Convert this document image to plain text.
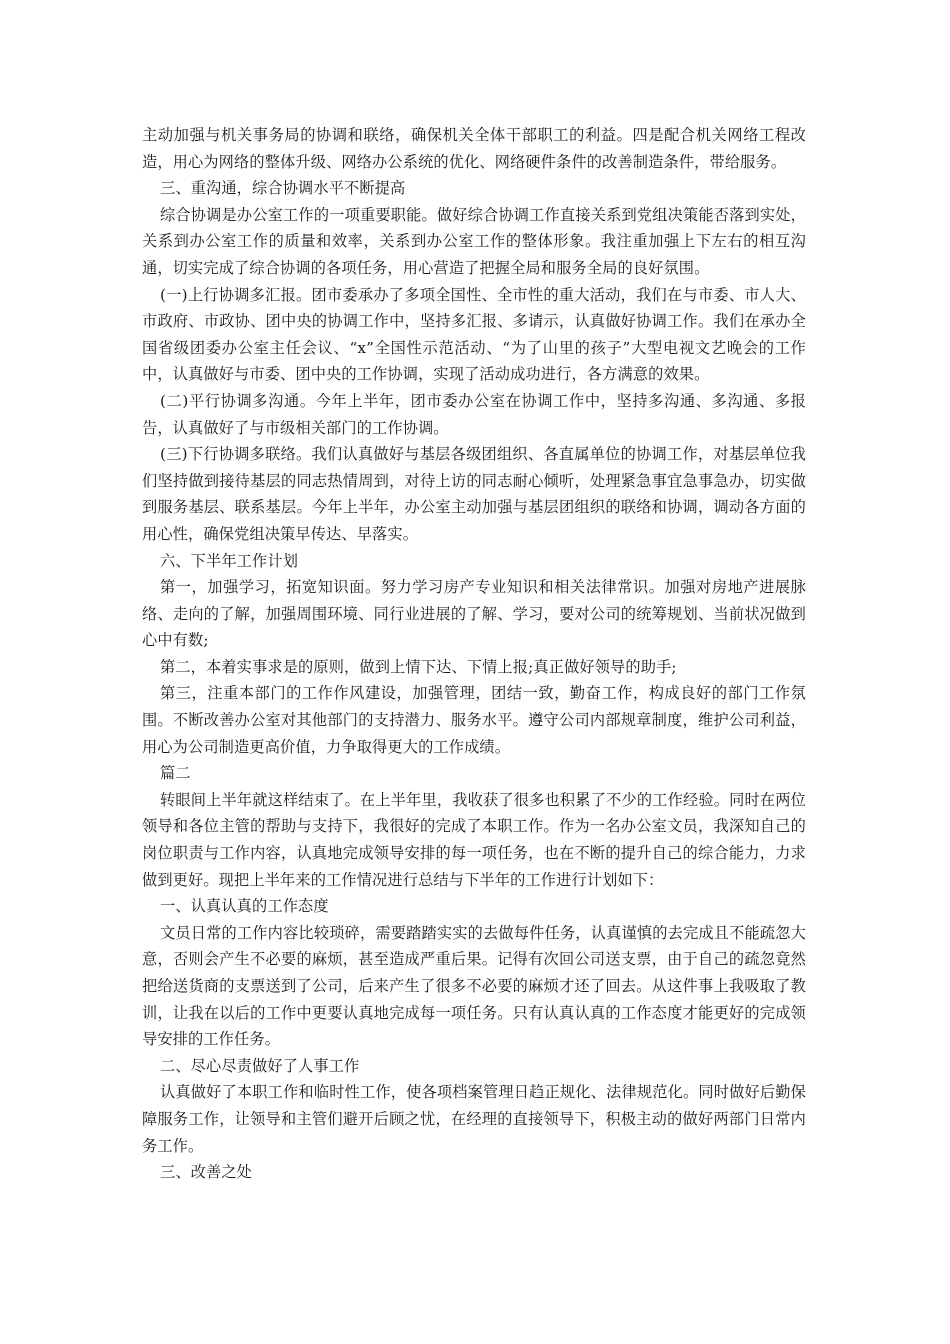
主动加强与机关事务局的协调和联络，确保机关全体干部职工的利益。四是配合机关网络工程改造，用心为网络的整体升级、网络办公系统的优化、网络硬件条件的改善制造条件，带给服务。

三、重沟通，综合协调水平不断提高

综合协调是办公室工作的一项重要职能。做好综合协调工作直接关系到党组决策能否落到实处，关系到办公室工作的质量和效率，关系到办公室工作的整体形象。我注重加强上下左右的相互沟通，切实完成了综合协调的各项任务，用心营造了把握全局和服务全局的良好氛围。

(一)上行协调多汇报。团市委承办了多项全国性、全市性的重大活动，我们在与市委、市人大、市政府、市政协、团中央的协调工作中，坚持多汇报、多请示，认真做好协调工作。我们在承办全国省级团委办公室主任会议、“x”全国性示范活动、“为了山里的孩子”大型电视文艺晚会的工作中，认真做好与市委、团中央的工作协调，实现了活动成功进行，各方满意的效果。

(二)平行协调多沟通。今年上半年，团市委办公室在协调工作中，坚持多沟通、多沟通、多报告，认真做好了与市级相关部门的工作协调。

(三)下行协调多联络。我们认真做好与基层各级团组织、各直属单位的协调工作，对基层单位我们坚持做到接待基层的同志热情周到，对待上访的同志耐心倾听，处理紧急事宜急事急办，切实做到服务基层、联系基层。今年上半年，办公室主动加强与基层团组织的联络和协调，调动各方面的用心性，确保党组决策早传达、早落实。

六、下半年工作计划

第一，加强学习，拓宽知识面。努力学习房产专业知识和相关法律常识。加强对房地产进展脉络、走向的了解，加强周围环境、同行业进展的了解、学习，要对公司的统筹规划、当前状况做到心中有数;

第二，本着实事求是的原则，做到上情下达、下情上报;真正做好领导的助手;

第三，注重本部门的工作作风建设，加强管理，团结一致，勤奋工作，构成良好的部门工作氛围。不断改善办公室对其他部门的支持潜力、服务水平。遵守公司内部规章制度，维护公司利益，用心为公司制造更高价值，力争取得更大的工作成绩。

篇二

转眼间上半年就这样结束了。在上半年里，我收获了很多也积累了不少的工作经验。同时在两位领导和各位主管的帮助与支持下，我很好的完成了本职工作。作为一名办公室文员，我深知自己的岗位职责与工作内容，认真地完成领导安排的每一项任务，也在不断的提升自己的综合能力，力求做到更好。现把上半年来的工作情况进行总结与下半年的工作进行计划如下：

一、认真认真的工作态度

文员日常的工作内容比较琐碎，需要踏踏实实的去做每件任务，认真谨慎的去完成且不能疏忽大意，否则会产生不必要的麻烦，甚至造成严重后果。记得有次回公司送支票，由于自己的疏忽竟然把给送货商的支票送到了公司，后来产生了很多不必要的麻烦才还了回去。从这件事上我吸取了教训，让我在以后的工作中更要认真地完成每一项任务。只有认真认真的工作态度才能更好的完成领导安排的工作任务。

二、尽心尽责做好了人事工作

认真做好了本职工作和临时性工作，使各项档案管理日趋正规化、法律规范化。同时做好后勤保障服务工作，让领导和主管们避开后顾之忧，在经理的直接领导下，积极主动的做好两部门日常内务工作。

三、改善之处
